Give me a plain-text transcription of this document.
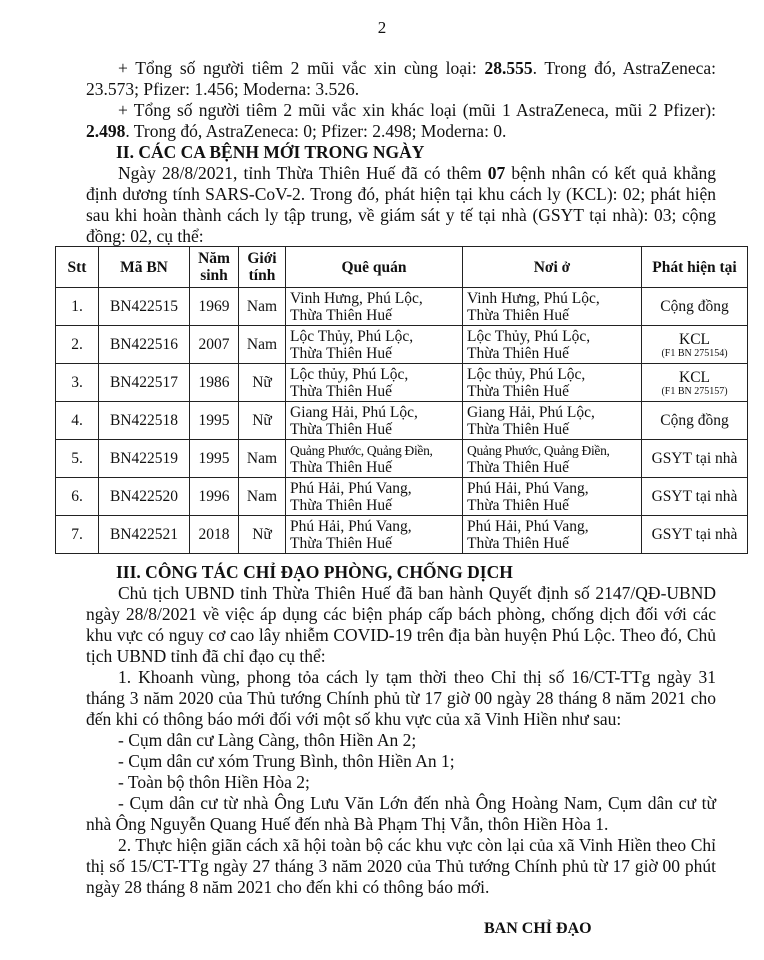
2

+ Tổng số người tiêm 2 mũi vắc xin cùng loại: 28.555. Trong đó, AstraZeneca: 23.573; Pfizer: 1.456; Moderna: 3.526.

+ Tổng số người tiêm 2 mũi vắc xin khác loại (mũi 1 AstraZeneca, mũi 2 Pfizer): 2.498. Trong đó, AstraZeneca: 0; Pfizer: 2.498; Moderna: 0.

II. CÁC CA BỆNH MỚI TRONG NGÀY

Ngày 28/8/2021, tỉnh Thừa Thiên Huế đã có thêm 07 bệnh nhân có kết quả khẳng định dương tính SARS-CoV-2. Trong đó, phát hiện tại khu cách ly (KCL): 02; phát hiện sau khi hoàn thành cách ly tập trung, về giám sát y tế tại nhà (GSYT tại nhà): 03; cộng đồng: 02, cụ thể:

Stt	Mã BN	Năm sinh	Giới tính	Quê quán	Nơi ở	Phát hiện tại
1.	BN422515	1969	Nam	Vinh Hưng, Phú Lộc,
Thừa Thiên Huế	Vinh Hưng, Phú Lộc,
Thừa Thiên Huế	Cộng đồng
2.	BN422516	2007	Nam	Lộc Thủy, Phú Lộc,
Thừa Thiên Huế	Lộc Thủy, Phú Lộc,
Thừa Thiên Huế	KCL
(F1 BN 275154)

3.	BN422517	1986	Nữ	Lộc thủy, Phú Lộc,
Thừa Thiên Huế	Lộc thủy, Phú Lộc,
Thừa Thiên Huế	KCL
(F1 BN 275157)

4.	BN422518	1995	Nữ	Giang Hải, Phú Lộc,
Thừa Thiên Huế	Giang Hải, Phú Lộc,
Thừa Thiên Huế	Cộng đồng
5.	BN422519	1995	Nam	Quảng Phước, Quảng Điền,
Thừa Thiên Huế	Quảng Phước, Quảng Điền,
Thừa Thiên Huế	GSYT tại nhà
6.	BN422520	1996	Nam	Phú Hải, Phú Vang,
Thừa Thiên Huế	Phú Hải, Phú Vang,
Thừa Thiên Huế	GSYT tại nhà
7.	BN422521	2018	Nữ	Phú Hải, Phú Vang,
Thừa Thiên Huế	Phú Hải, Phú Vang,
Thừa Thiên Huế	GSYT tại nhà

III. CÔNG TÁC CHỈ ĐẠO PHÒNG, CHỐNG DỊCH

Chủ tịch UBND tỉnh Thừa Thiên Huế đã ban hành Quyết định số 2147/QĐ-UBND ngày 28/8/2021 về việc áp dụng các biện pháp cấp bách phòng, chống dịch đối với các khu vực có nguy cơ cao lây nhiễm COVID-19 trên địa bàn huyện Phú Lộc. Theo đó, Chủ tịch UBND tỉnh đã chỉ đạo cụ thể:

1. Khoanh vùng, phong tỏa cách ly tạm thời theo Chỉ thị số 16/CT-TTg ngày 31 tháng 3 năm 2020 của Thủ tướng Chính phủ từ 17 giờ 00 ngày 28 tháng 8 năm 2021 cho đến khi có thông báo mới đối với một số khu vực của xã Vinh Hiền như sau:

- Cụm dân cư Làng Càng, thôn Hiền An 2;

- Cụm dân cư xóm Trung Bình, thôn Hiền An 1;

- Toàn bộ thôn Hiền Hòa 2;

- Cụm dân cư từ nhà Ông Lưu Văn Lớn đến nhà Ông Hoàng Nam, Cụm dân cư từ nhà Ông Nguyễn Quang Huế đến nhà Bà Phạm Thị Vẫn, thôn Hiền Hòa 1.

2. Thực hiện giãn cách xã hội toàn bộ các khu vực còn lại của xã Vinh Hiền theo Chỉ thị số 15/CT-TTg ngày 27 tháng 3 năm 2020 của Thủ tướng Chính phủ từ 17 giờ 00 phút ngày 28 tháng 8 năm 2021 cho đến khi có thông báo mới.

BAN CHỈ ĐẠO
